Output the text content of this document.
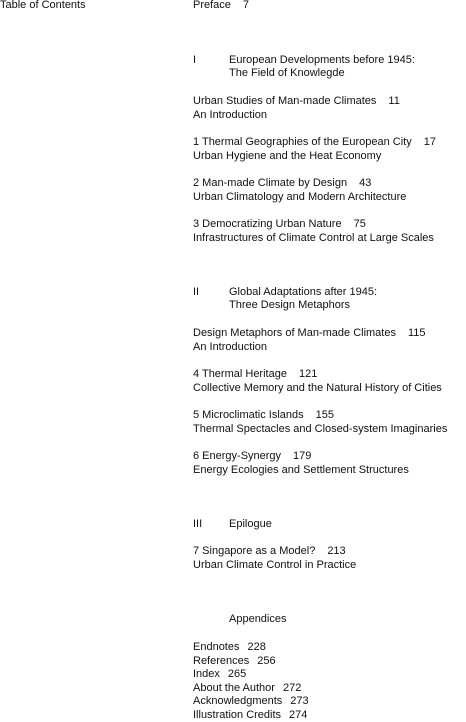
Table of Contents	Preface 7
I	European Developments before 1945:
The Field of Knowlegde
Urban Studies of Man-made Climates 11
An Introduction
1 Thermal Geographies of the European City 17
Urban Hygiene and the Heat Economy
2 Man-made Climate by Design 43
Urban Climatology and Modern Architecture
3 Democratizing Urban Nature 75
Infrastructures of Climate Control at Large Scales
II	Global Adaptations after 1945:
Three Design Metaphors
Design Metaphors of Man-made Climates 115
An Introduction
4 Thermal Heritage 121
Collective Memory and the Natural History of Cities
5 Microclimatic Islands 155
Thermal Spectacles and Closed-system Imaginaries
6 Energy-Synergy 179
Energy Ecologies and Settlement Structures
III Epilogue
7 Singapore as a Model? 213
Urban Climate Control in Practice
Appendices
Endnotes 228
References 256
Index 265
About the Author 272
Acknowledgments 273
Illustration Credits 274
